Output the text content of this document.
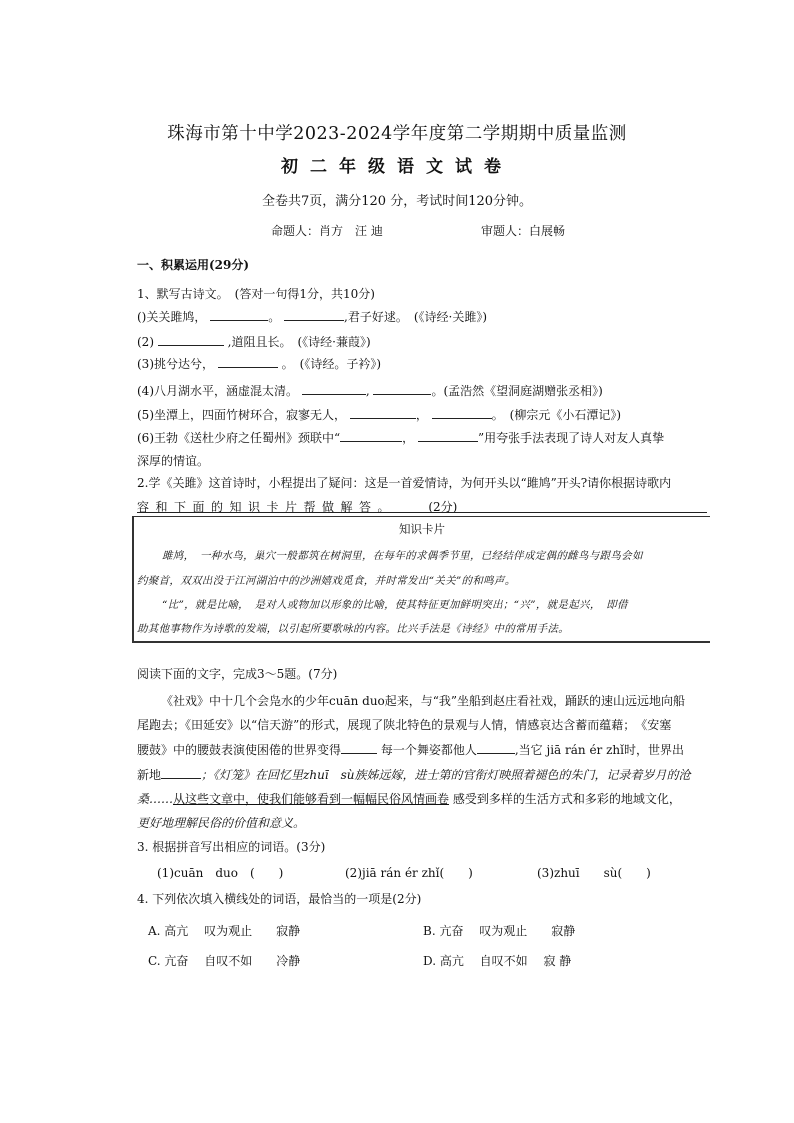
珠海市第十中学2023-2024学年度第二学期期中质量监测
初二年级语文试卷
全卷共7页，满分120 分，考试时间120分钟。
命题人：肖方　汪 迪	审题人：白展畅
一、积累运用(29分)
1、默写古诗文。　(答对一句得1分，共10分)
()关关雎鸠，	。	,君子好逑。　(《诗经·关雎》)
(2)	,道阻且长。　(《诗经·蒹葭》)
(3)挑兮达兮，	。　(《诗经。子衿》)
(4)八月湖水平，涵虚混太清。	,	。(孟浩然《望洞庭湖赠张丞相》)
(5)坐潭上，四面竹树环合，寂寥无人，	，	。　(柳宗元《小石潭记》)
(6)王勃《送杜少府之任蜀州》颈联中“	，	”用夸张手法表现了诗人对友人真挚
深厚的情谊。
2.学《关雎》这首诗时，小程提出了疑问：这是一首爱情诗，为何开头以“雎鸠”开头?请你根据诗歌内
容和下面的知识卡片帮做解答。	(2分)
知识卡片
雎鸠，　一种水鸟，巢穴一般都筑在树洞里，在每年的求偶季节里，已经结伴成定偶的雌鸟与跟鸟会如
约聚首，双双出没于江河湖泊中的沙洲嬉戏觅食，并时常发出“关关”的和鸣声。
“比”，就是比喻，　是对人或物加以形象的比喻，使其特征更加鲜明突出；“兴”，就是起兴，　即借
助其他事物作为诗歌的发端，以引起所要歌咏的内容。比兴手法是《诗经》中的常用手法。
阅读下面的文字，完成3～5题。(7分)
《社戏》中十几个会凫水的少年cuān duo起来，与“我”坐船到赵庄看社戏，踊跃的速山远远地向船
尾跑去；《田延安》以“信天游”的形式，展现了陕北特色的景观与人情，情感哀达含蓄而蕴藉；　《安塞
腰鼓》中的腰鼓表演使困倦的世界变得	每一个舞姿都他人	,当它 jiā rán ér zhǐ时，世界出
新地	；《灯笼》在回忆里zhuī　sù族姊远嫁，进士第的官衔灯映照着褪色的朱门，记录着岁月的沧
桑……从这些文章中，使我们能够看到一幅幅民俗风情画卷 感受到多样的生活方式和多彩的地域文化，
更好地理解民俗的价值和意义。
3. 根据拼音写出相应的词语。(3分)
(1)cuān　duo　(　　)	(2)jiā rán ér zhǐ(　　)	(3)zhuī　　sù(　　)
4. 下列依次填入横线处的词语，最恰当的一项是(2分)
A. 高亢　 叹为观止　　寂静	B. 亢奋　 叹为观止　　寂静
C. 亢奋　 自叹不如　　冷静	D. 高亢　 自叹不如　 寂 静
